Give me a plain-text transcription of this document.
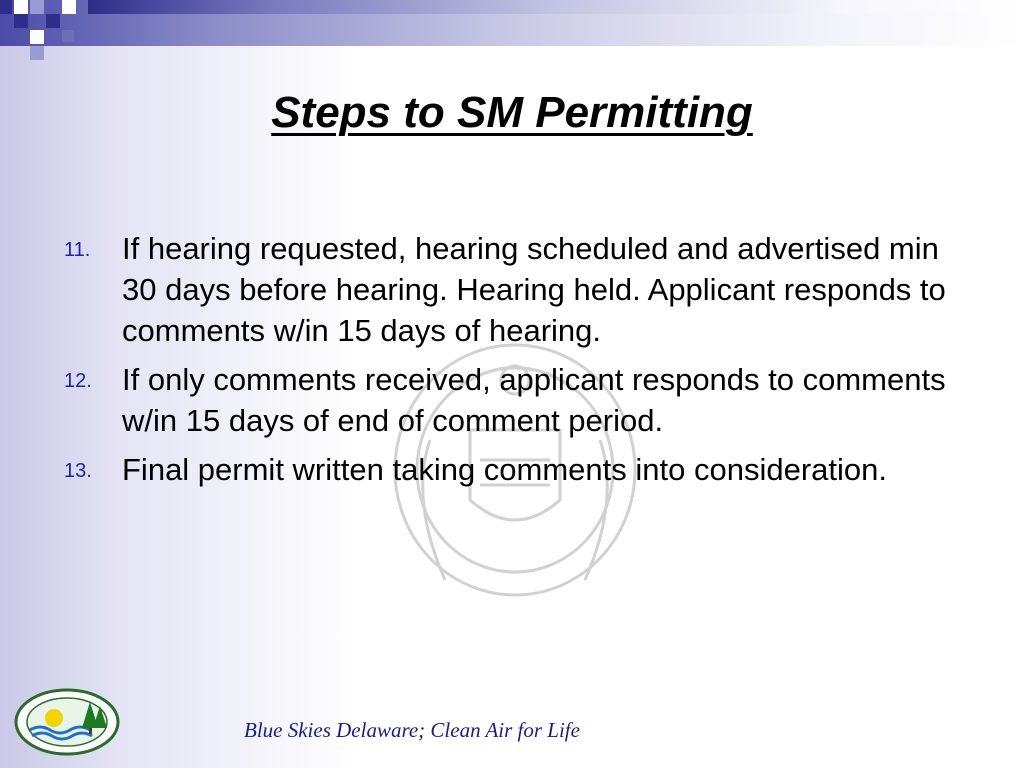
Steps to SM Permitting
11. If hearing requested, hearing scheduled and advertised min 30 days before hearing. Hearing held. Applicant responds to comments w/in 15 days of hearing.
12. If only comments received, applicant responds to comments w/in 15 days of end of comment period.
13. Final permit written taking comments into consideration.
Blue Skies Delaware; Clean Air for Life
